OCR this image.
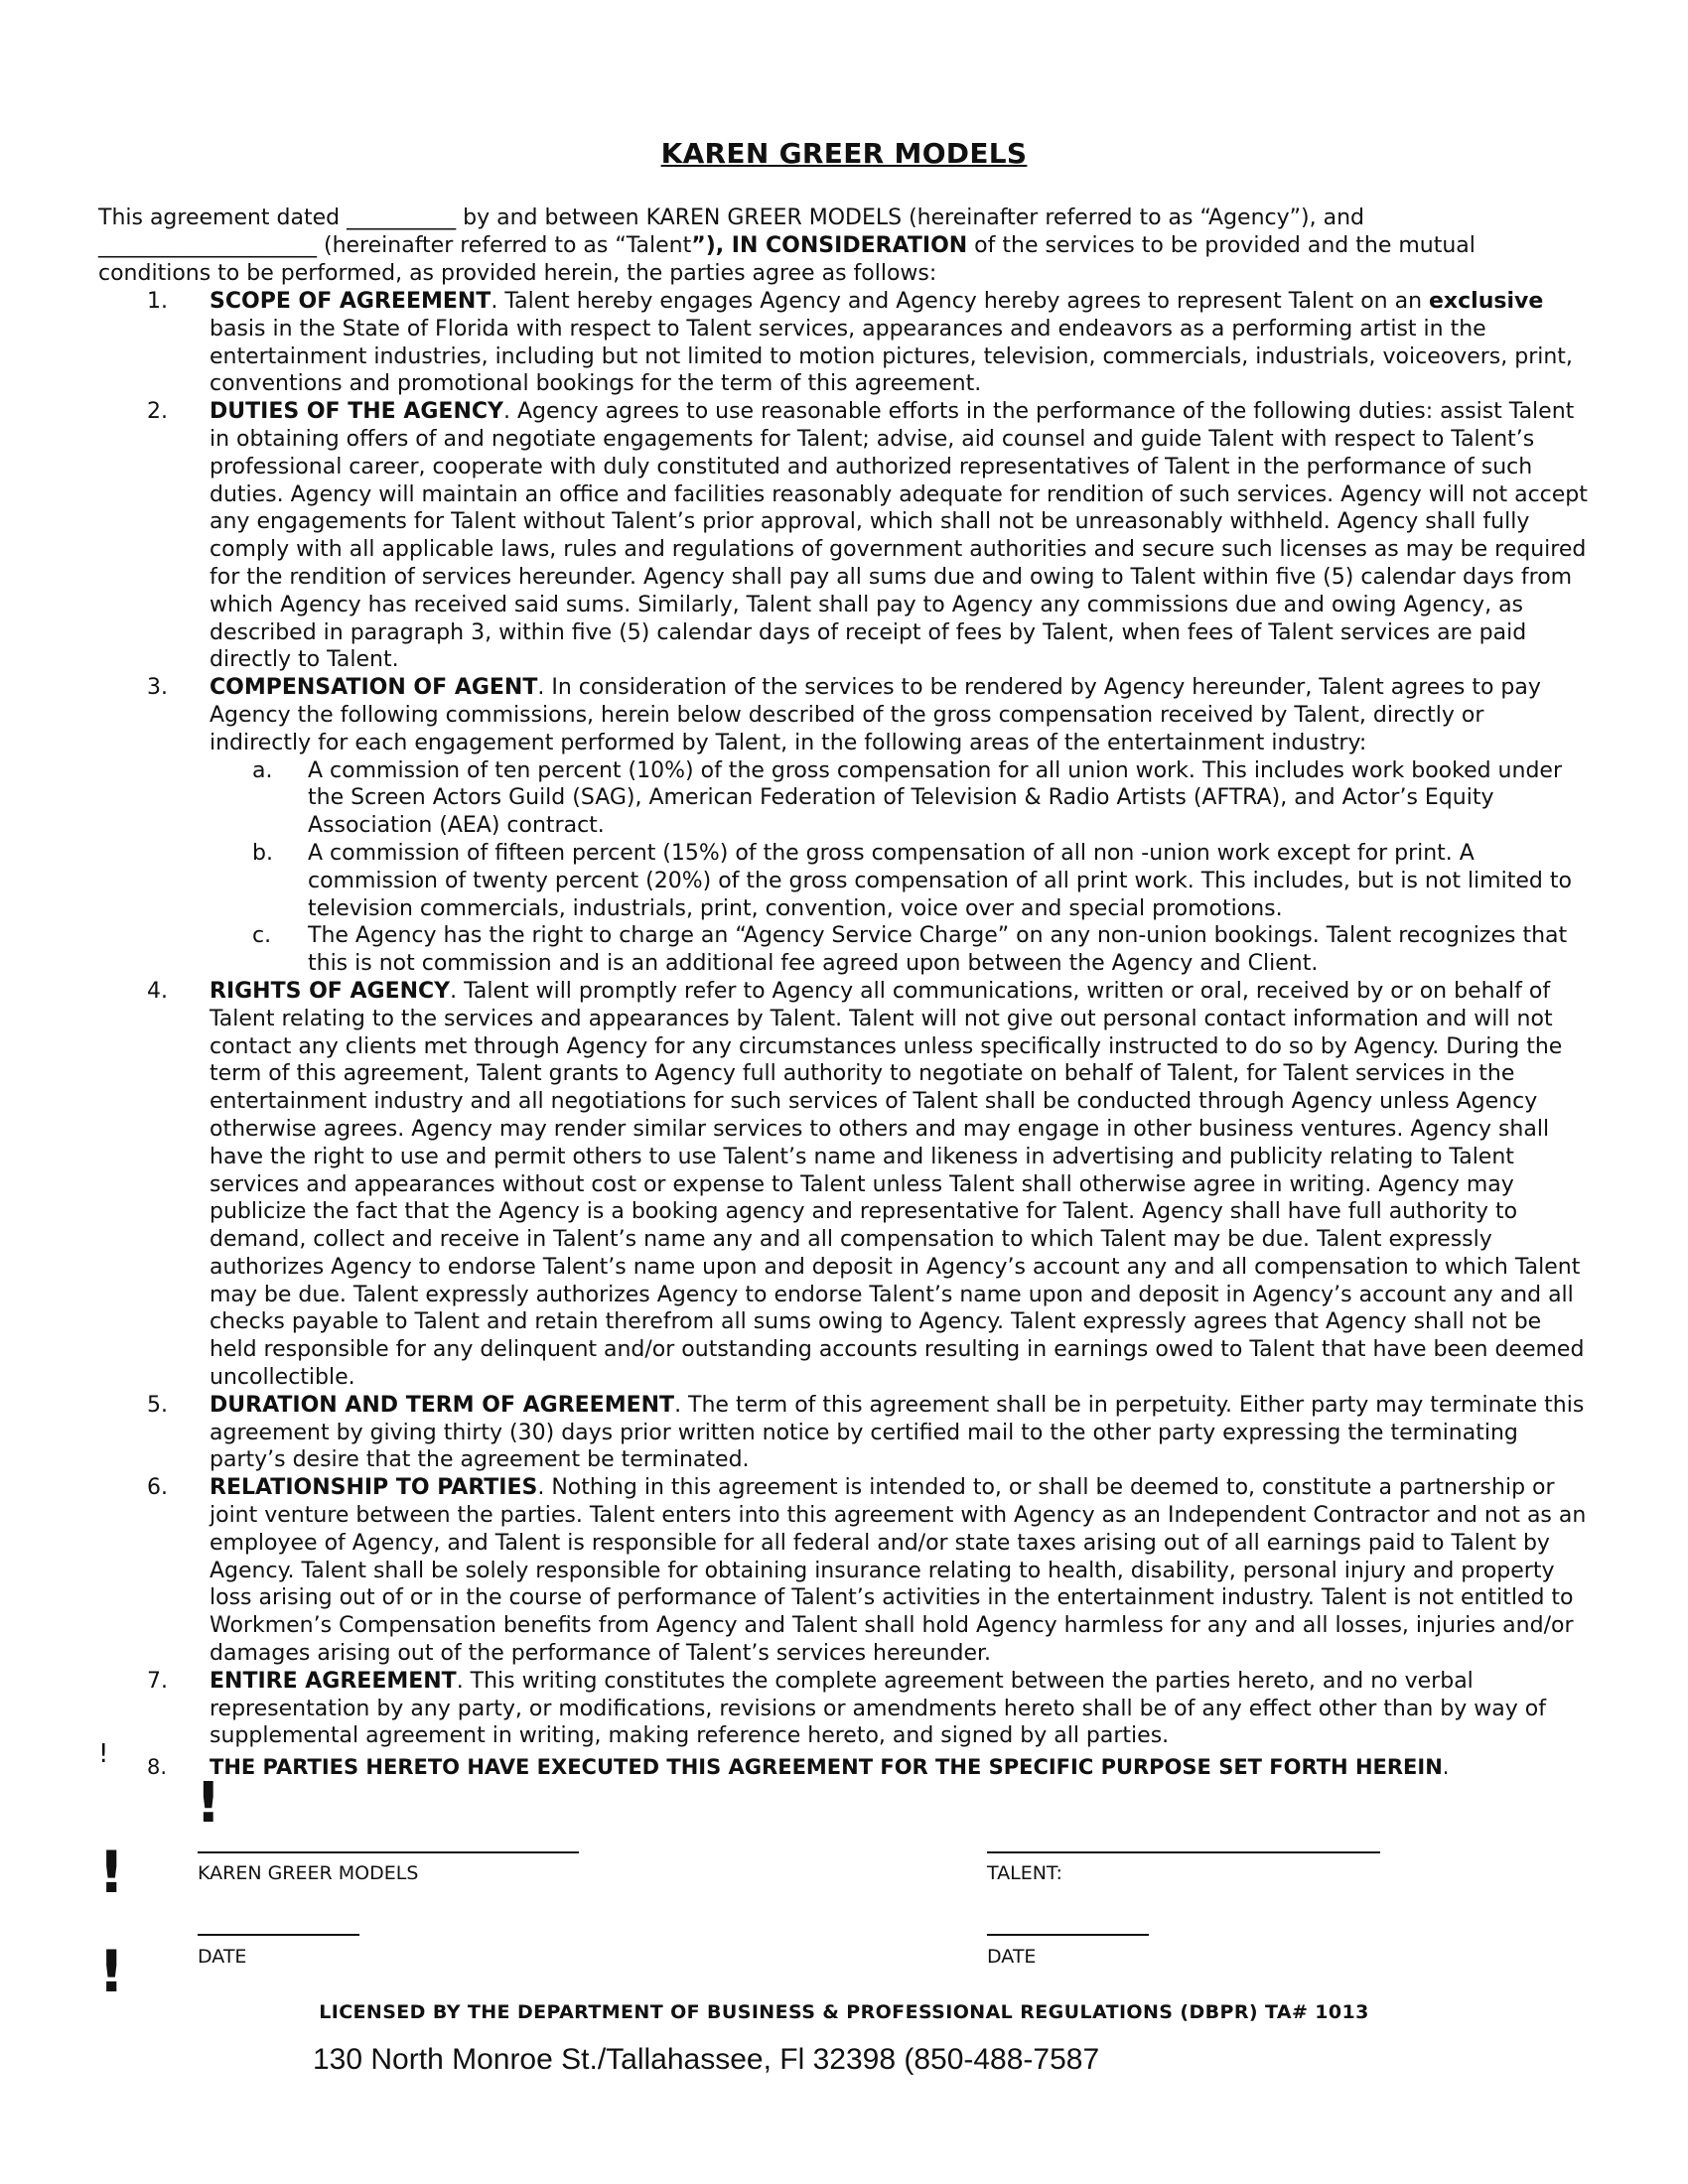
KAREN GREER MODELS

This agreement dated __________ by and between KAREN GREER MODELS (hereinafter referred to as “Agency”), and

____________________ (hereinafter referred to as “Talent”), IN CONSIDERATION of the services to be provided and the mutual

conditions to be performed, as provided herein, the parties agree as follows:

1. SCOPE OF AGREEMENT. Talent hereby engages Agency and Agency hereby agrees to represent Talent on an exclusive basis in the State of Florida with respect to Talent services, appearances and endeavors as a performing artist in the entertainment industries, including but not limited to motion pictures, television, commercials, industrials, voiceovers, print, conventions and promotional bookings for the term of this agreement.

2. DUTIES OF THE AGENCY. Agency agrees to use reasonable efforts in the performance of the following duties: assist Talent in obtaining offers of and negotiate engagements for Talent; advise, aid counsel and guide Talent with respect to Talent’s professional career, cooperate with duly constituted and authorized representatives of Talent in the performance of such duties. Agency will maintain an office and facilities reasonably adequate for rendition of such services. Agency will not accept any engagements for Talent without Talent’s prior approval, which shall not be unreasonably withheld. Agency shall fully comply with all applicable laws, rules and regulations of government authorities and secure such licenses as may be required for the rendition of services hereunder. Agency shall pay all sums due and owing to Talent within five (5) calendar days from which Agency has received said sums. Similarly, Talent shall pay to Agency any commissions due and owing Agency, as described in paragraph 3, within five (5) calendar days of receipt of fees by Talent, when fees of Talent services are paid directly to Talent.

3. COMPENSATION OF AGENT. In consideration of the services to be rendered by Agency hereunder, Talent agrees to pay Agency the following commissions, herein below described of the gross compensation received by Talent, directly or indirectly for each engagement performed by Talent, in the following areas of the entertainment industry:

a. A commission of ten percent (10%) of the gross compensation for all union work. This includes work booked under the Screen Actors Guild (SAG), American Federation of Television & Radio Artists (AFTRA), and Actor’s Equity Association (AEA) contract.

b. A commission of fifteen percent (15%) of the gross compensation of all non -union work except for print. A commission of twenty percent (20%) of the gross compensation of all print work. This includes, but is not limited to television commercials, industrials, print, convention, voice over and special promotions.

c. The Agency has the right to charge an “Agency Service Charge” on any non-union bookings. Talent recognizes that this is not commission and is an additional fee agreed upon between the Agency and Client.

4. RIGHTS OF AGENCY. Talent will promptly refer to Agency all communications, written or oral, received by or on behalf of Talent relating to the services and appearances by Talent. Talent will not give out personal contact information and will not contact any clients met through Agency for any circumstances unless specifically instructed to do so by Agency. During the term of this agreement, Talent grants to Agency full authority to negotiate on behalf of Talent, for Talent services in the entertainment industry and all negotiations for such services of Talent shall be conducted through Agency unless Agency otherwise agrees. Agency may render similar services to others and may engage in other business ventures. Agency shall have the right to use and permit others to use Talent’s name and likeness in advertising and publicity relating to Talent services and appearances without cost or expense to Talent unless Talent shall otherwise agree in writing. Agency may publicize the fact that the Agency is a booking agency and representative for Talent. Agency shall have full authority to demand, collect and receive in Talent’s name any and all compensation to which Talent may be due. Talent expressly authorizes Agency to endorse Talent’s name upon and deposit in Agency’s account any and all compensation to which Talent may be due. Talent expressly authorizes Agency to endorse Talent’s name upon and deposit in Agency’s account any and all checks payable to Talent and retain therefrom all sums owing to Agency. Talent expressly agrees that Agency shall not be held responsible for any delinquent and/or outstanding accounts resulting in earnings owed to Talent that have been deemed uncollectible.

5. DURATION AND TERM OF AGREEMENT. The term of this agreement shall be in perpetuity. Either party may terminate this agreement by giving thirty (30) days prior written notice by certified mail to the other party expressing the terminating party’s desire that the agreement be terminated.

6. RELATIONSHIP TO PARTIES. Nothing in this agreement is intended to, or shall be deemed to, constitute a partnership or joint venture between the parties. Talent enters into this agreement with Agency as an Independent Contractor and not as an employee of Agency, and Talent is responsible for all federal and/or state taxes arising out of all earnings paid to Talent by Agency. Talent shall be solely responsible for obtaining insurance relating to health, disability, personal injury and property loss arising out of or in the course of performance of Talent’s activities in the entertainment industry. Talent is not entitled to Workmen’s Compensation benefits from Agency and Talent shall hold Agency harmless for any and all losses, injuries and/or damages arising out of the performance of Talent’s services hereunder.

7. ENTIRE AGREEMENT. This writing constitutes the complete agreement between the parties hereto, and no verbal representation by any party, or modifications, revisions or amendments hereto shall be of any effect other than by way of supplemental agreement in writing, making reference hereto, and signed by all parties.

8. THE PARTIES HERETO HAVE EXECUTED THIS AGREEMENT FOR THE SPECIFIC PURPOSE SET FORTH HEREIN.

!
!
!
!
KAREN GREER MODELS	TALENT:
DATE	DATE
LICENSED BY THE DEPARTMENT OF BUSINESS & PROFESSIONAL REGULATIONS (DBPR) TA# 1013
130 North Monroe St./Tallahassee, Fl 32398 (850-488-7587
